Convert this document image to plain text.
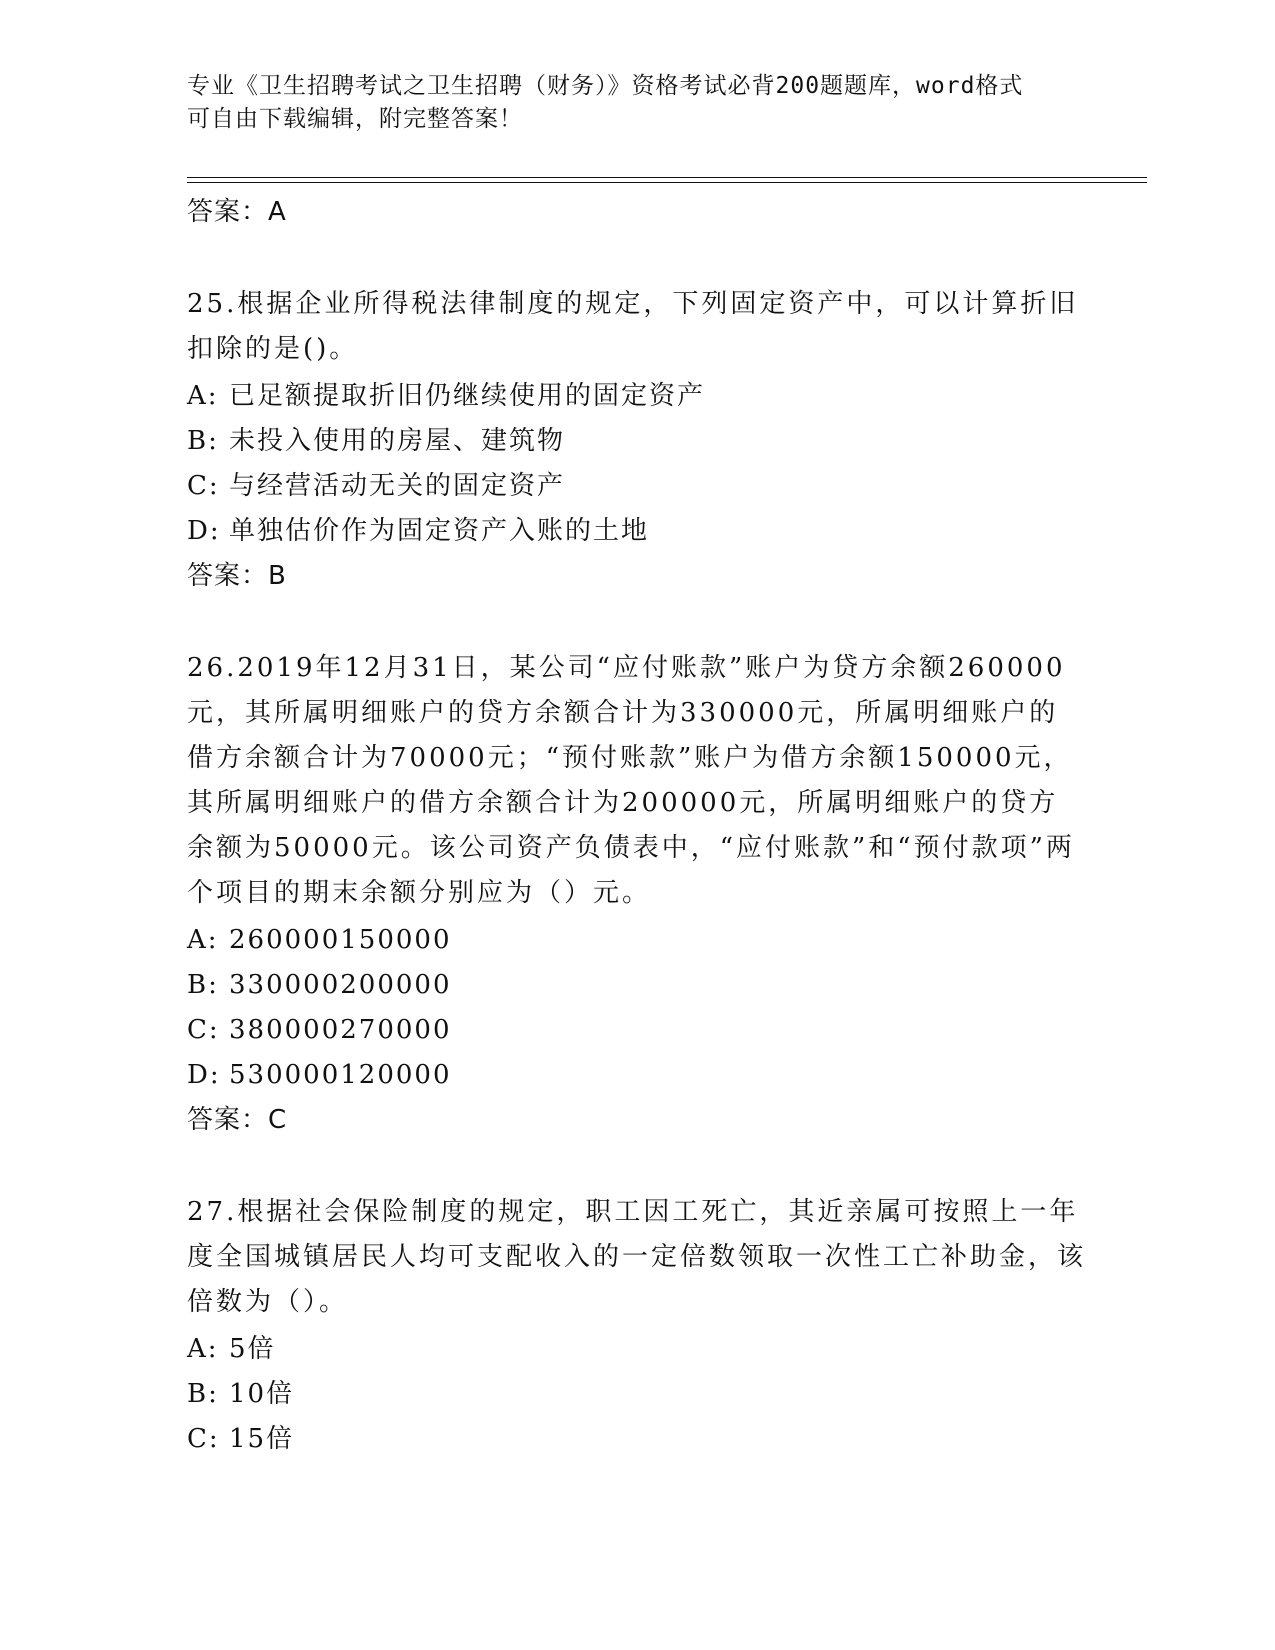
专业《卫生招聘考试之卫生招聘（财务）》资格考试必背200题题库，word格式
可自由下载编辑，附完整答案！
答案：A

25.根据企业所得税法律制度的规定，下列固定资产中，可以计算折旧扣除的是()。

A: 已足额提取折旧仍继续使用的固定资产
B: 未投入使用的房屋、建筑物
C: 与经营活动无关的固定资产
D: 单独估价作为固定资产入账的土地
答案：B

26.2019年12月31日，某公司“应付账款”账户为贷方余额260000元，其所属明细账户的贷方余额合计为330000元，所属明细账户的借方余额合计为70000元；“预付账款”账户为借方余额150000元，其所属明细账户的借方余额合计为200000元，所属明细账户的贷方余额为50000元。该公司资产负债表中，“应付账款”和“预付款项”两个项目的期末余额分别应为（）元。

A: 260000150000
B: 330000200000
C: 380000270000
D: 530000120000
答案：C

27.根据社会保险制度的规定，职工因工死亡，其近亲属可按照上一年度全国城镇居民人均可支配收入的一定倍数领取一次性工亡补助金，该倍数为（）。

A: 5倍
B: 10倍
C: 15倍
